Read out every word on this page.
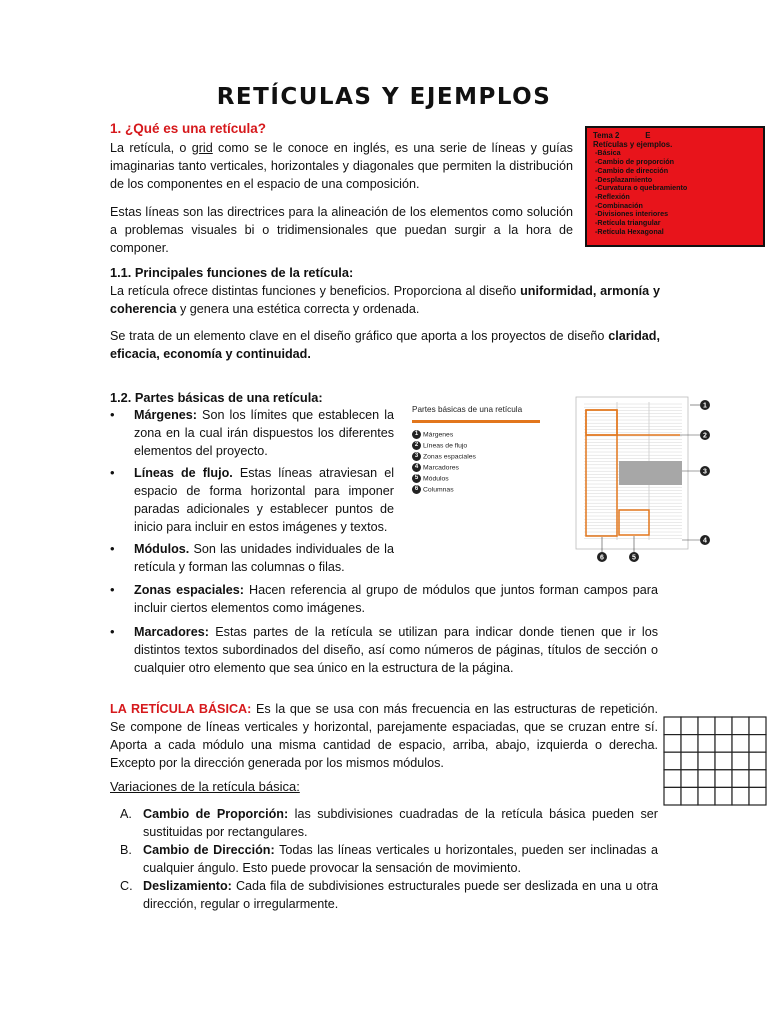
RETÍCULAS Y EJEMPLOS
1. ¿Qué es una retícula?
La retícula, o grid como se le conoce en inglés, es una serie de líneas y guías imaginarias tanto verticales, horizontales y diagonales que permiten la distribución de los componentes en el espacio de una composición.
Estas líneas son las directrices para la alineación de los elementos como solución a problemas visuales bi o tridimensionales que puedan surgir a la hora de componer.
Tema 2            E
Retículas y ejemplos.
-Básica
-Cambio de proporción
-Cambio de dirección
-Desplazamiento
-Curvatura o quebramiento
-Reflexión
-Combinación
-Divisiones interiores
-Retícula triangular
-Retícula Hexagonal
1.1. Principales funciones de la retícula:
La retícula ofrece distintas funciones y beneficios. Proporciona al diseño uniformidad, armonía y coherencia y genera una estética correcta y ordenada.
Se trata de un elemento clave en el diseño gráfico que aporta a los proyectos de diseño claridad, eficacia, economía y continuidad.
1.2. Partes básicas de una retícula:
• Márgenes: Son los límites que establecen la zona en la cual irán dispuestos los diferentes elementos del proyecto.
• Líneas de flujo. Estas líneas atraviesan el espacio de forma horizontal para imponer paradas adicionales y establecer puntos de inicio para incluir en estos imágenes y textos.
• Módulos. Son las unidades individuales de la retícula y forman las columnas o filas.
• Zonas espaciales: Hacen referencia al grupo de módulos que juntos forman campos para incluir ciertos elementos como imágenes.
• Marcadores: Estas partes de la retícula se utilizan para indicar donde tienen que ir los distintos textos subordinados del diseño, así como números de páginas, títulos de sección o cualquier otro elemento que sea único en la estructura de la página.
Partes básicas de una retícula
1 Márgenes
2 Líneas de flujo
3 Zonas espaciales
4 Marcadores
5 Módulos
6 Columnas
1
2
3
4
5
6
LA RETÍCULA BÁSICA: Es la que se usa con más frecuencia en las estructuras de repetición. Se compone de líneas verticales y horizontal, parejamente espaciadas, que se cruzan entre sí. Aporta a cada módulo una misma cantidad de espacio, arriba, abajo, izquierda o derecha. Excepto por la dirección generada por los mismos módulos.
Variaciones de la retícula básica:
A. Cambio de Proporción: las subdivisiones cuadradas de la retícula básica pueden ser sustituidas por rectangulares.
B. Cambio de Dirección: Todas las líneas verticales u horizontales, pueden ser inclinadas a cualquier ángulo. Esto puede provocar la sensación de movimiento.
C. Deslizamiento: Cada fila de subdivisiones estructurales puede ser deslizada en una u otra dirección, regular o irregularmente.
